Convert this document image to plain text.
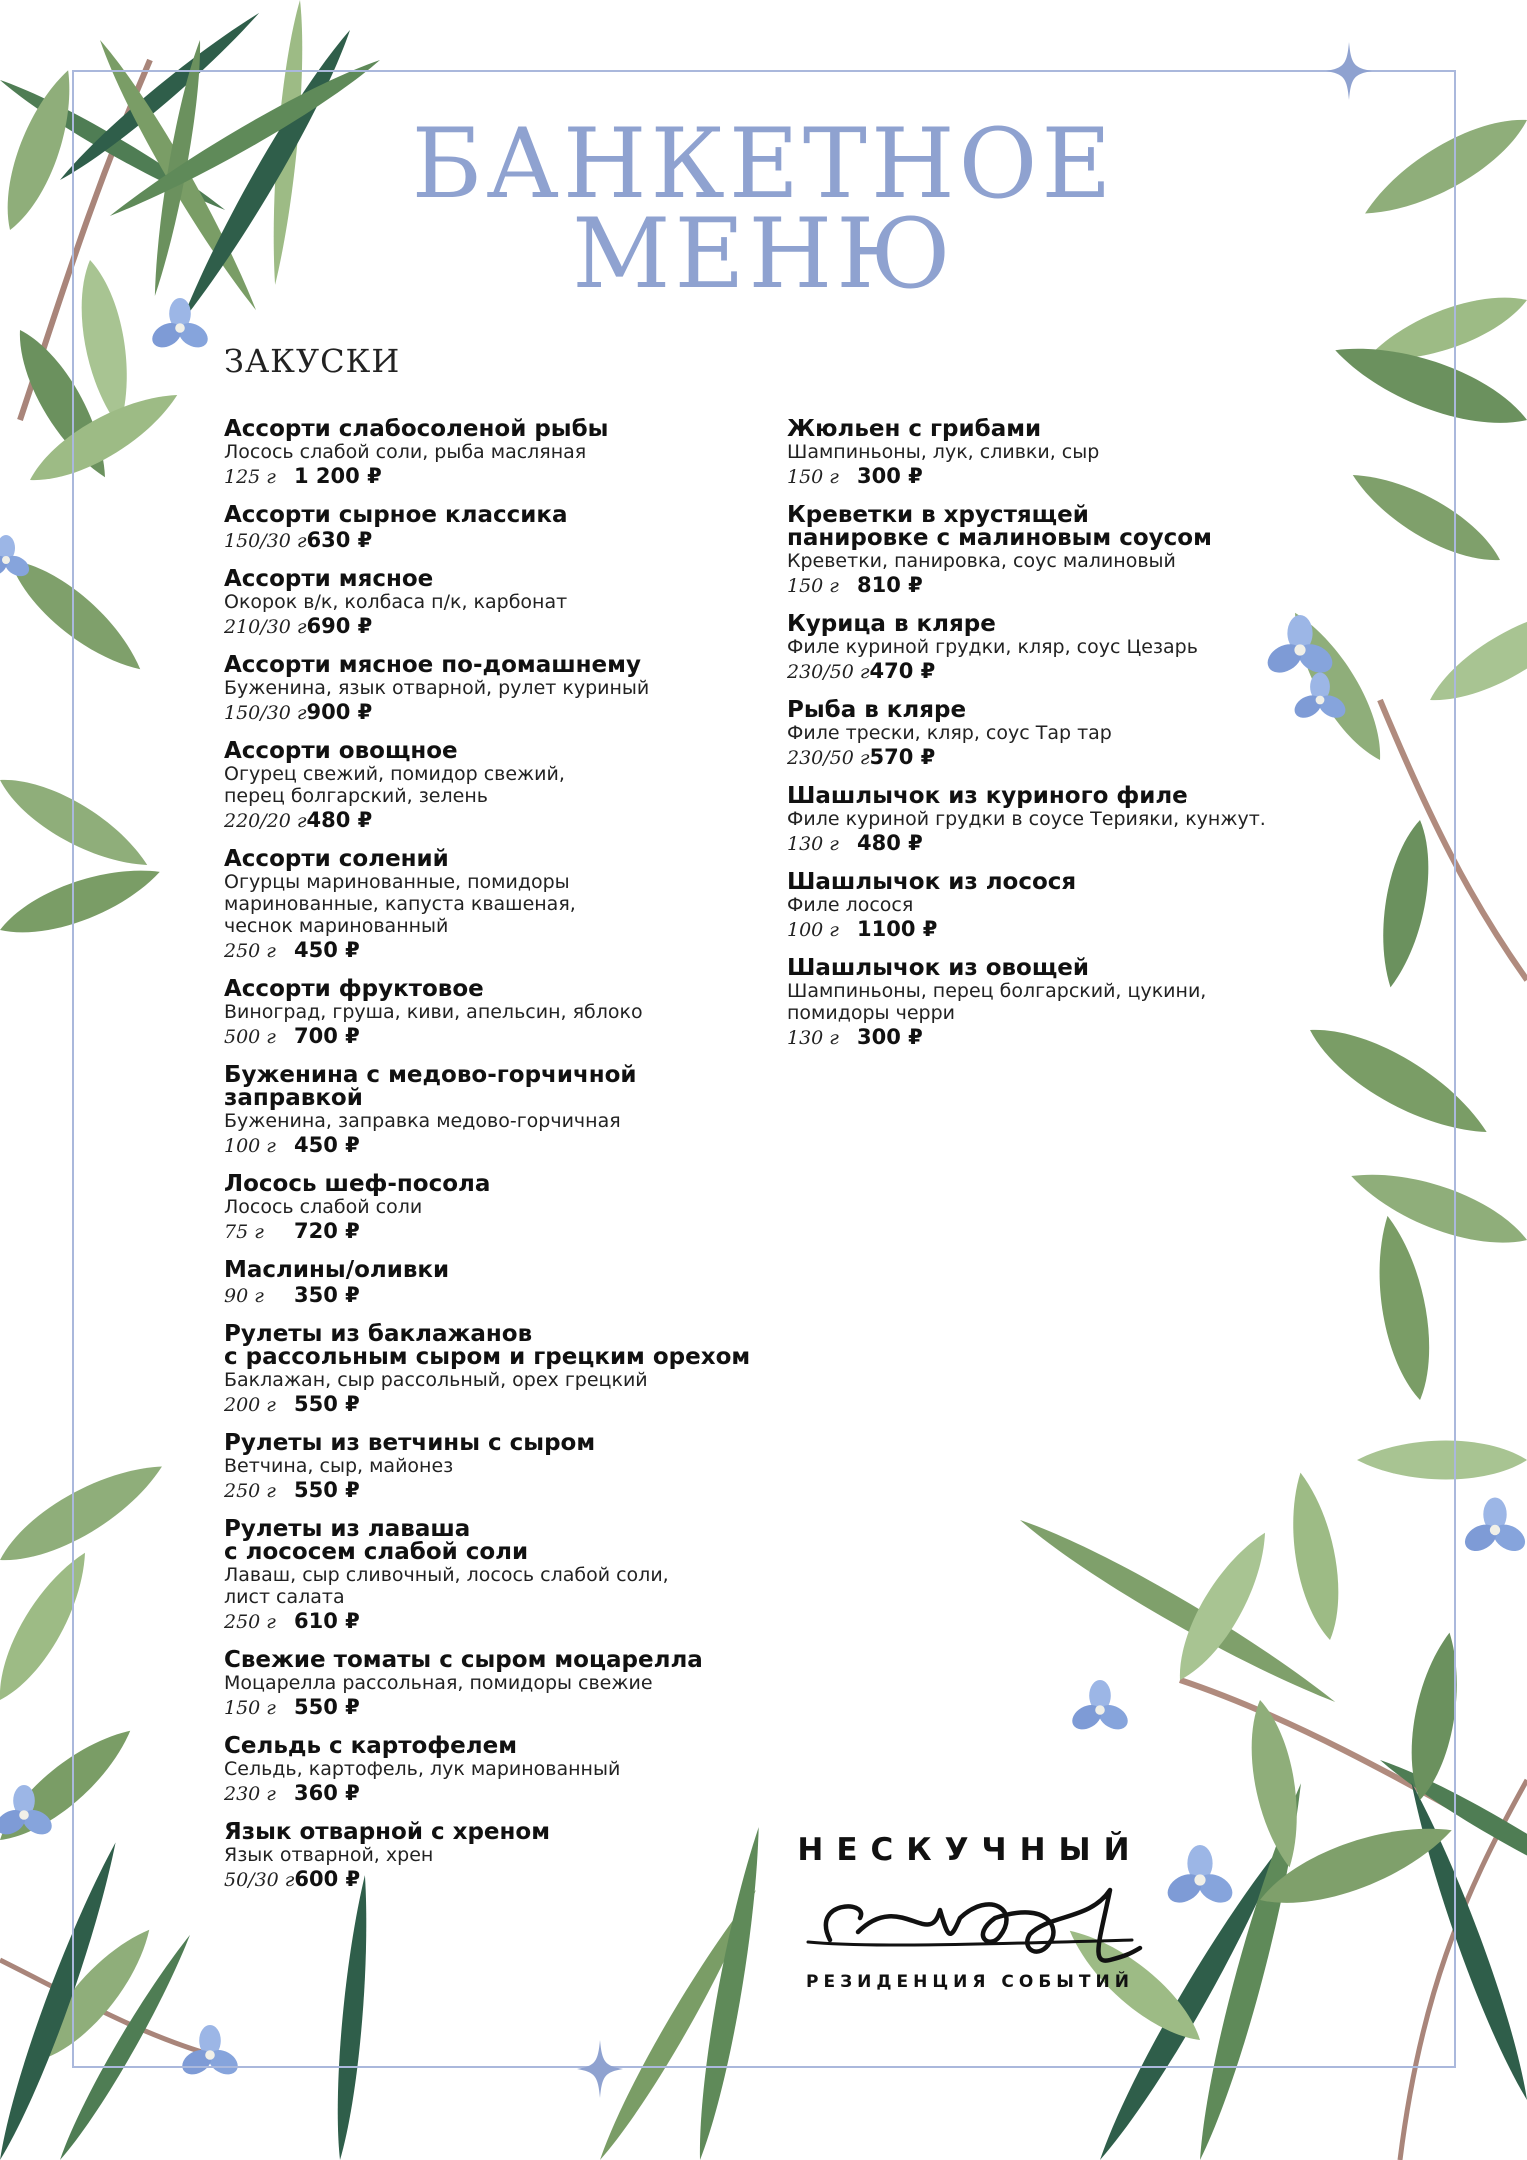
БАНКЕТНОЕ
МЕНЮ
закуски
Ассорти слабосоленой рыбы
Лосось слабой соли, рыба масляная
125 г 1 200 ₽
Ассорти сырное классика
150/30 г630 ₽
Ассорти мясное
Окорок в/к, колбаса п/к, карбонат
210/30 г690 ₽
Ассорти мясное по-домашнему
Буженина, язык отварной, рулет куриный
150/30 г900 ₽
Ассорти овощное
Огурец свежий, помидор свежий,
перец болгарский, зелень
220/20 г480 ₽
Ассорти солений
Огурцы маринованные, помидоры
маринованные, капуста квашеная,
чеснок маринованный
250 г 450 ₽
Ассорти фруктовое
Виноград, груша, киви, апельсин, яблоко
500 г 700 ₽
Буженина с медово-горчичной
заправкой
Буженина, заправка медово-горчичная
100 г 450 ₽
Лосось шеф-посола
Лосось слабой соли
75 г 720 ₽
Маслины/оливки
90 г 350 ₽
Рулеты из баклажанов
с рассольным сыром и грецким орехом
Баклажан, сыр рассольный, орех грецкий
200 г 550 ₽
Рулеты из ветчины с сыром
Ветчина, сыр, майонез
250 г 550 ₽
Рулеты из лаваша
с лососем слабой соли
Лаваш, сыр сливочный, лосось слабой соли,
лист салата
250 г 610 ₽
Свежие томаты с сыром моцарелла
Моцарелла рассольная, помидоры свежие
150 г 550 ₽
Сельдь с картофелем
Сельдь, картофель, лук маринованный
230 г 360 ₽
Язык отварной с хреном
Язык отварной, хрен
50/30 г600 ₽
Жюльен с грибами
Шампиньоны, лук, сливки, сыр
150 г 300 ₽
Креветки в хрустящей
панировке с малиновым соусом
Креветки, панировка, соус малиновый
150 г 810 ₽
Курица в кляре
Филе куриной грудки, кляр, соус Цезарь
230/50 г470 ₽
Рыба в кляре
Филе трески, кляр, соус Тар тар
230/50 г570 ₽
Шашлычок из куриного филе
Филе куриной грудки в соусе Терияки, кунжут.
130 г 480 ₽
Шашлычок из лосося
Филе лосося
100 г 1100 ₽
Шашлычок из овощей
Шампиньоны, перец болгарский, цукини,
помидоры черри
130 г 300 ₽
НЕСКУЧНЫЙ
РЕЗИДЕНЦИЯ СОБЫТИЙ
